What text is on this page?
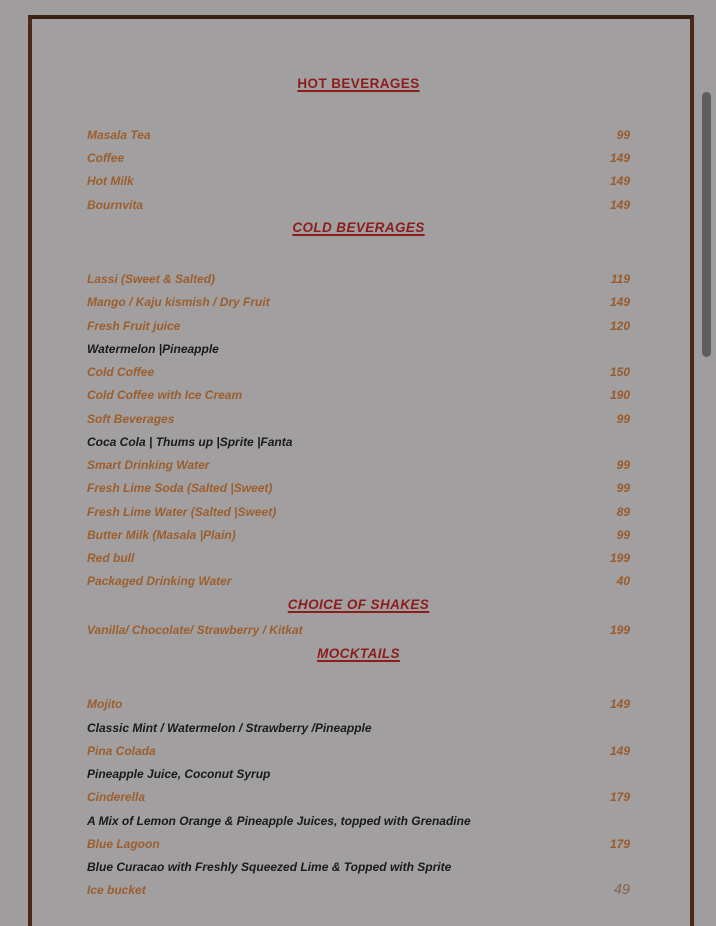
HOT BEVERAGES
Masala Tea	99
Coffee	149
Hot Milk	149
Bournvita	149
COLD BEVERAGES
Lassi (Sweet & Salted)	119
Mango / Kaju kismish / Dry Fruit	149
Fresh Fruit juice	120
Watermelon |Pineapple
Cold Coffee	150
Cold Coffee with Ice Cream	190
Soft Beverages	99
Coca Cola | Thums up |Sprite |Fanta
Smart Drinking Water	99
Fresh Lime Soda (Salted |Sweet)	99
Fresh Lime Water (Salted |Sweet)	89
Butter Milk (Masala |Plain)	99
Red bull	199
Packaged Drinking Water	40
CHOICE OF SHAKES
Vanilla/ Chocolate/ Strawberry / Kitkat	199
MOCKTAILS
Mojito	149
Classic Mint / Watermelon / Strawberry /Pineapple
Pina Colada	149
Pineapple Juice, Coconut Syrup
Cinderella	179
A Mix of Lemon Orange & Pineapple Juices, topped with Grenadine
Blue Lagoon	179
Blue Curacao with Freshly Squeezed Lime & Topped with Sprite
Ice bucket	49
